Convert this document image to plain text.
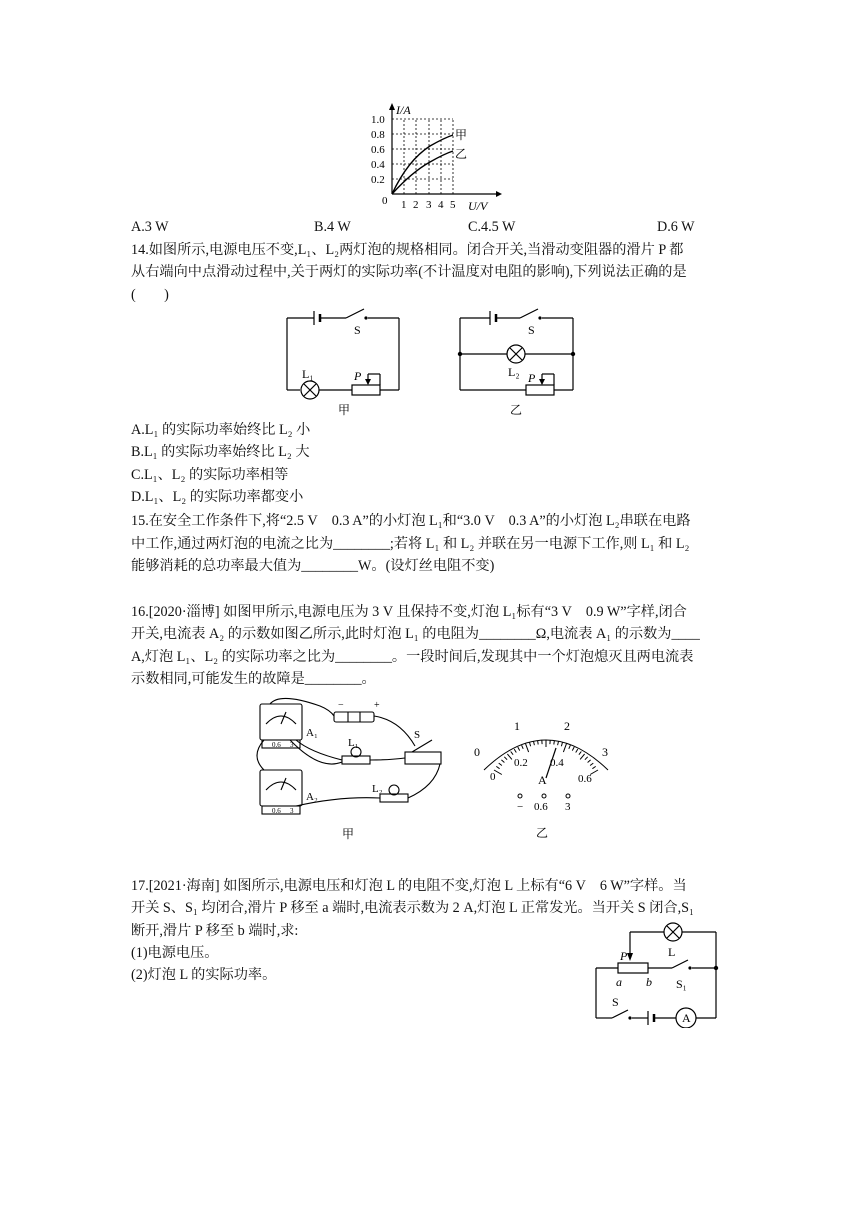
I/A
1.0
0.8
0.6
0.4
0.2
0 1 2 3 4 5 U/V
甲
乙
A.3 W	B.4 W	C.4.5 W	D.6 W
14.如图所示,电源电压不变,L₁、L₂两灯泡的规格相同。闭合开关,当滑动变阻器的滑片 P 都
从右端向中点滑动过程中,关于两灯的实际功率(不计温度对电阻的影响),下列说法正确的是
(　　)
S
L₁	P
甲
S
L₂ P
乙
A.L₁ 的实际功率始终比 L₂ 小
B.L₁ 的实际功率始终比 L₂ 大
C.L₁、L₂ 的实际功率相等
D.L₁、L₂ 的实际功率都变小
15.在安全工作条件下,将“2.5 V　0.3 A”的小灯泡 L₁和“3.0 V　0.3 A”的小灯泡 L₂串联在电路
中工作,通过两灯泡的电流之比为________;若将 L₁ 和 L₂ 并联在另一电源下工作,则 L₁ 和 L₂
能够消耗的总功率最大值为________W。(设灯丝电阻不变)
16.[2020·淄博] 如图甲所示,电源电压为 3 V 且保持不变,灯泡 L₁标有“3 V　0.9 W”字样,闭合
开关,电流表 A₂ 的示数如图乙所示,此时灯泡 L₁ 的电阻为________Ω,电流表 A₁ 的示数为____
A,灯泡 L₁、L₂ 的实际功率之比为________。一段时间后,发现其中一个灯泡熄灭且两电流表
示数相同,可能发生的故障是________。
A₁
A₂
L₁
L₂
S
−	+
0.6 3
0.6 3
甲
0
1	2
3
0
0.2 0.4
0.6
A
− 0.6 3
乙
17.[2021·海南] 如图所示,电源电压和灯泡 L 的电阻不变,灯泡 L 上标有“6 V　6 W”字样。当
开关 S、S₁ 均闭合,滑片 P 移至 a 端时,电流表示数为 2 A,灯泡 L 正常发光。当开关 S 闭合,S₁
断开,滑片 P 移至 b 端时,求:
(1)电源电压。
(2)灯泡 L 的实际功率。
L
P
a b S₁
S
A
